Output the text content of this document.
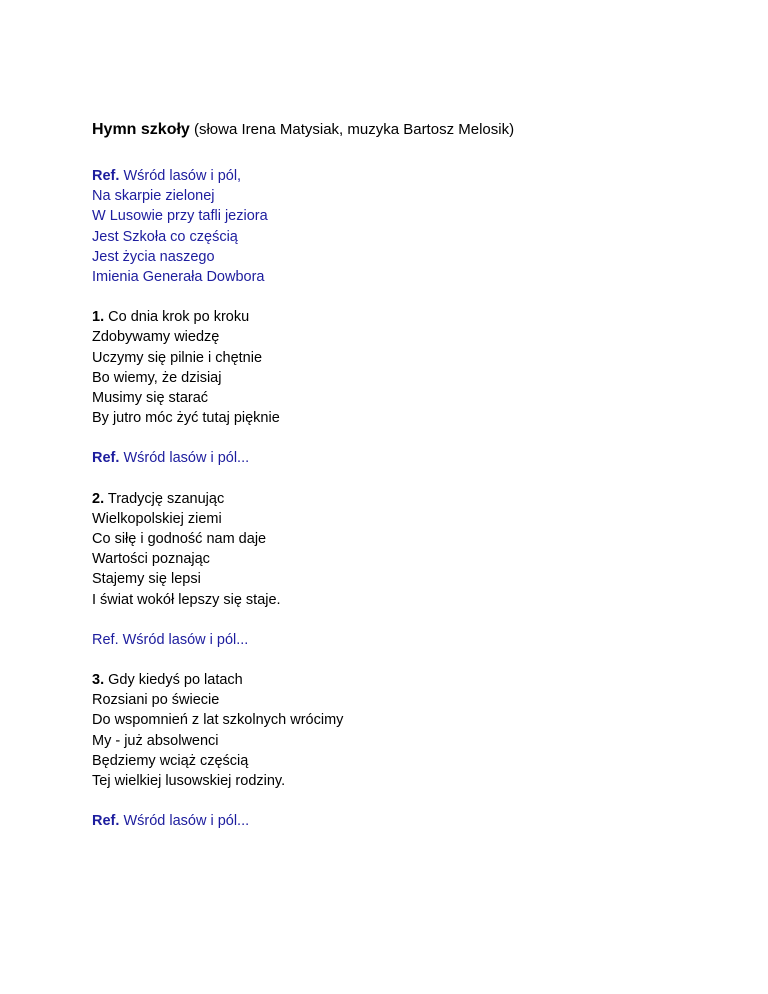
Hymn szkoły (słowa Irena Matysiak, muzyka Bartosz Melosik)
Ref. Wśród lasów i pól,
Na skarpie zielonej
W Lusowie przy tafli jeziora
Jest Szkoła co częścią
Jest życia naszego
Imienia Generała Dowbora
1. Co dnia krok po kroku
Zdobywamy wiedzę
Uczymy się pilnie i chętnie
Bo wiemy, że dzisiaj
Musimy się starać
By jutro móc żyć tutaj pięknie
Ref. Wśród lasów i pól...
2. Tradycję szanując
Wielkopolskiej ziemi
Co siłę i godność nam daje
Wartości poznając
Stajemy się lepsi
I świat wokół lepszy się staje.
Ref. Wśród lasów i pól...
3. Gdy kiedyś po latach
Rozsiani po świecie
Do wspomnień z lat szkolnych wrócimy
My - już absolwenci
Będziemy wciąż częścią
Tej wielkiej lusowskiej rodziny.
Ref. Wśród lasów i pól...
